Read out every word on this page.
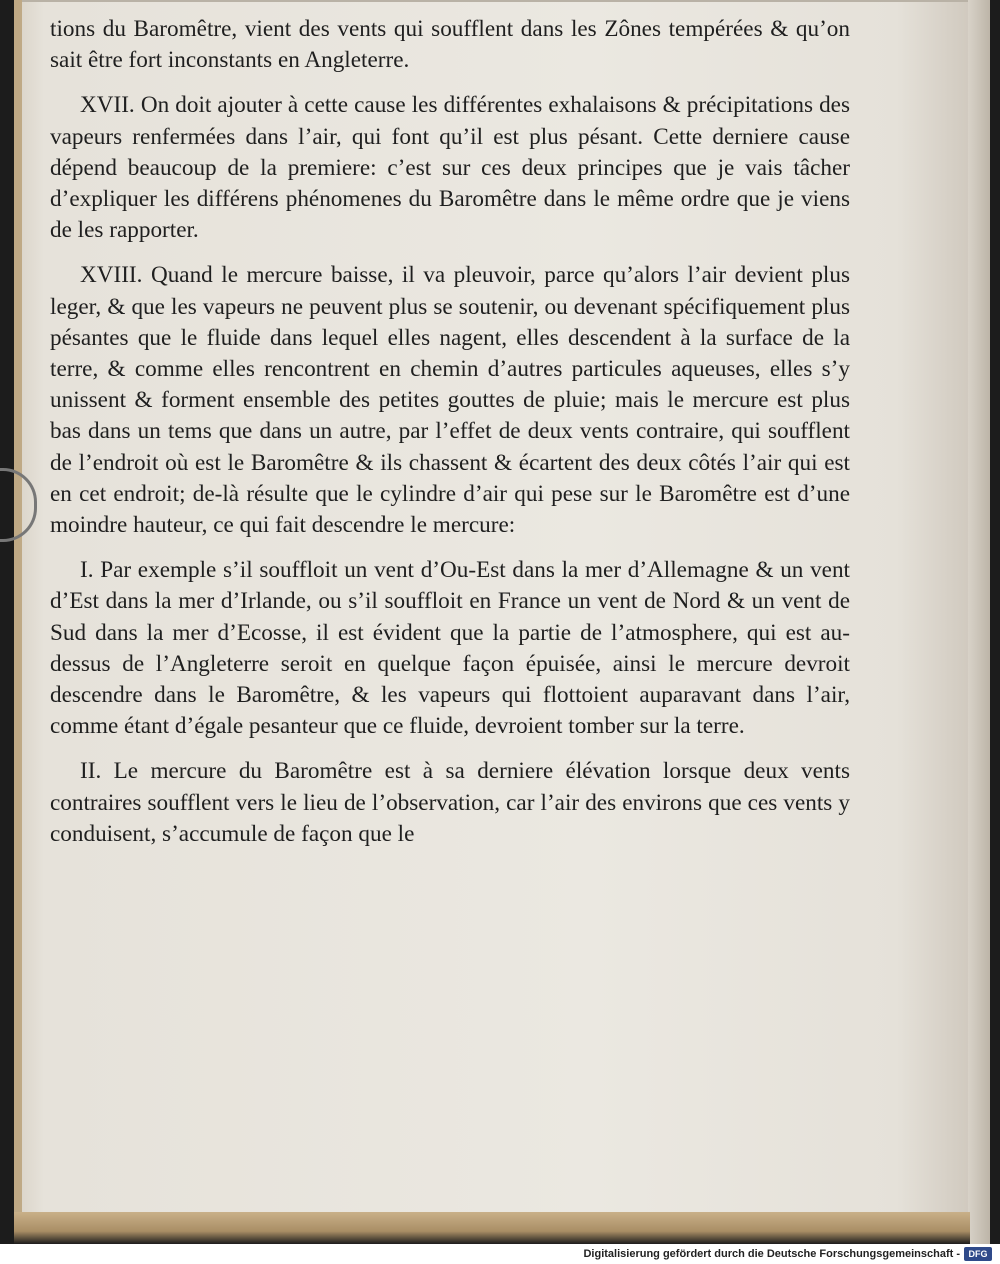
tions du Baromêtre, vient des vents qui soufflent dans les Zônes tempérées & qu’on sait être fort inconstants en Angleterre.

XVII. On doit ajouter à cette cause les différentes exhalaisons & précipitations des vapeurs renfermées dans l’air, qui font qu’il est plus pésant. Cette derniere cause dépend beaucoup de la premiere: c’est sur ces deux principes que je vais tâcher d’expliquer les différens phénomenes du Baromêtre dans le même ordre que je viens de les rapporter.

XVIII. Quand le mercure baisse, il va pleuvoir, parce qu’alors l’air devient plus leger, & que les vapeurs ne peuvent plus se soutenir, ou devenant spécifiquement plus pésantes que le fluide dans lequel elles nagent, elles descendent à la surface de la terre, & comme elles rencontrent en chemin d’autres particules aqueuses, elles s’y unissent & forment ensemble des petites gouttes de pluie; mais le mercure est plus bas dans un tems que dans un autre, par l’effet de deux vents contraire, qui soufflent de l’endroit où est le Baromêtre & ils chassent & écartent des deux côtés l’air qui est en cet endroit; de-là résulte que le cylindre d’air qui pese sur le Baromêtre est d’une moindre hauteur, ce qui fait descendre le mercure:

I. Par exemple s’il souffloit un vent d’Ou-Est dans la mer d’Allemagne & un vent d’Est dans la mer d’Irlande, ou s’il souffloit en France un vent de Nord & un vent de Sud dans la mer d’Ecosse, il est évident que la partie de l’atmosphere, qui est au-dessus de l’Angleterre seroit en quelque façon épuisée, ainsi le mercure devroit descendre dans le Baromêtre, & les vapeurs qui flottoient auparavant dans l’air, comme étant d’égale pesanteur que ce fluide, devroient tomber sur la terre.

II. Le mercure du Baromêtre est à sa derniere élévation lorsque deux vents contraires soufflent vers le lieu de l’observation, car l’air des environs que ces vents y conduisent, s’accumule de façon que le

Digitalisierung gefördert durch die Deutsche Forschungsgemeinschaft - DFG
